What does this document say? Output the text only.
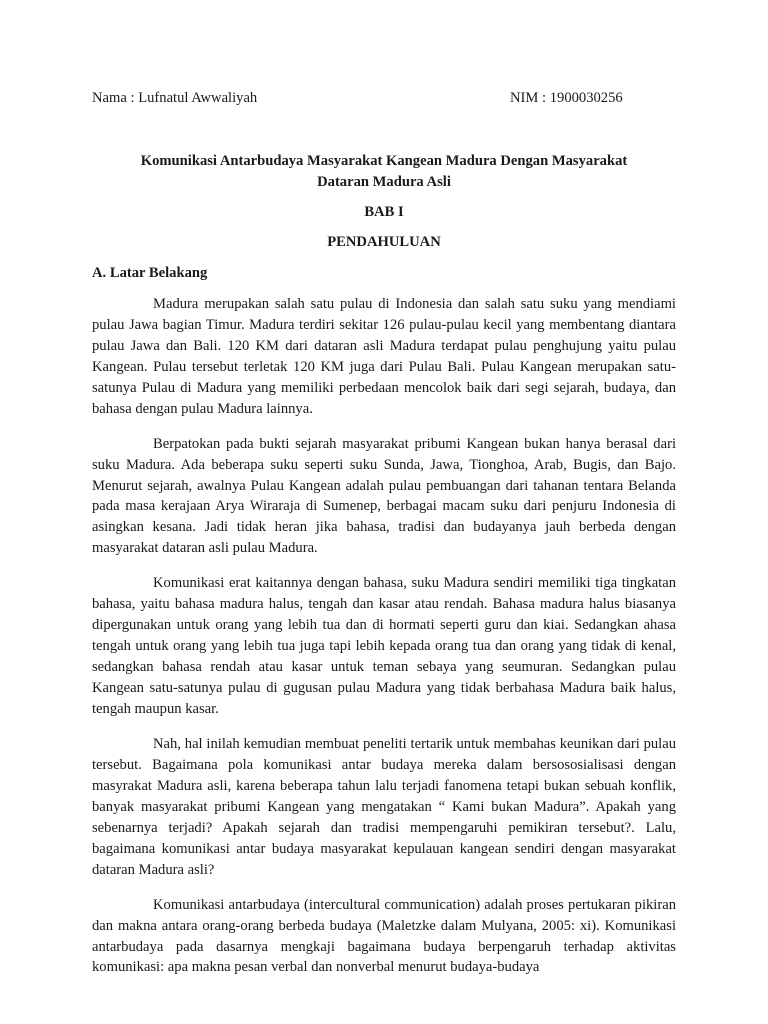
Nama : Lufnatul Awwaliyah	NIM : 1900030256
Komunikasi Antarbudaya Masyarakat Kangean Madura Dengan Masyarakat
Dataran Madura Asli
BAB I
PENDAHULUAN
A. Latar Belakang

Madura merupakan salah satu pulau di Indonesia dan salah satu suku yang mendiami pulau Jawa bagian Timur. Madura terdiri sekitar 126 pulau-pulau kecil yang membentang diantara pulau Jawa dan Bali. 120 KM dari dataran asli Madura terdapat pulau penghujung yaitu pulau Kangean. Pulau tersebut terletak 120 KM juga dari Pulau Bali. Pulau Kangean merupakan satu-satunya Pulau di Madura yang memiliki perbedaan mencolok baik dari segi sejarah, budaya, dan bahasa dengan pulau Madura lainnya.

Berpatokan pada bukti sejarah masyarakat pribumi Kangean bukan hanya berasal dari suku Madura. Ada beberapa suku seperti suku Sunda, Jawa, Tionghoa, Arab, Bugis, dan Bajo. Menurut sejarah, awalnya Pulau Kangean adalah pulau pembuangan dari tahanan tentara Belanda pada masa kerajaan Arya Wiraraja di Sumenep, berbagai macam suku dari penjuru Indonesia di asingkan kesana. Jadi tidak heran jika bahasa, tradisi dan budayanya jauh berbeda dengan masyarakat dataran asli pulau Madura.

Komunikasi erat kaitannya dengan bahasa, suku Madura sendiri memiliki tiga tingkatan bahasa, yaitu bahasa madura halus, tengah dan kasar atau rendah. Bahasa madura halus biasanya dipergunakan untuk orang yang lebih tua dan di hormati seperti guru dan kiai. Sedangkan ahasa tengah untuk orang yang lebih tua juga tapi lebih kepada orang tua dan orang yang tidak di kenal, sedangkan bahasa rendah atau kasar untuk teman sebaya yang seumuran. Sedangkan pulau Kangean satu-satunya pulau di gugusan pulau Madura yang tidak berbahasa Madura baik halus, tengah maupun kasar.

Nah, hal inilah kemudian membuat peneliti tertarik untuk membahas keunikan dari pulau tersebut. Bagaimana pola komunikasi antar budaya mereka dalam bersososialisasi dengan masyrakat Madura asli, karena beberapa tahun lalu terjadi fanomena tetapi bukan sebuah konflik, banyak masyarakat pribumi Kangean yang mengatakan “ Kami bukan Madura”. Apakah yang sebenarnya terjadi? Apakah sejarah dan tradisi mempengaruhi pemikiran tersebut?. Lalu, bagaimana komunikasi antar budaya masyarakat kepulauan kangean sendiri dengan masyarakat dataran Madura asli?

Komunikasi antarbudaya (intercultural communication) adalah proses pertukaran pikiran dan makna antara orang-orang berbeda budaya (Maletzke dalam Mulyana, 2005: xi). Komunikasi antarbudaya pada dasarnya mengkaji bagaimana budaya berpengaruh terhadap aktivitas komunikasi: apa makna pesan verbal dan nonverbal menurut budaya-budaya
